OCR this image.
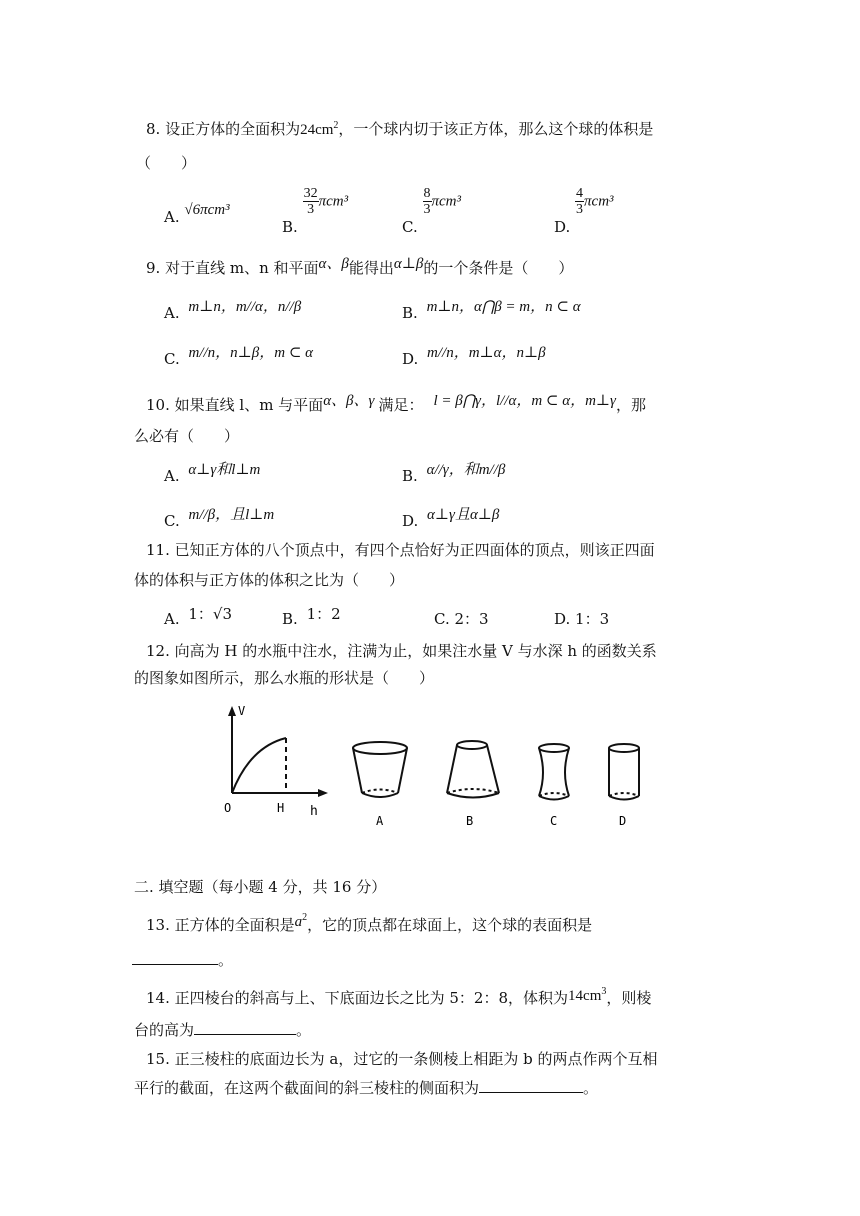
8. 设正方体的全面积为$24cm^2$，一个球内切于该正方体，那么这个球的体积是
（　　）
A. √6πcm³
B.
$\frac{32}{3} \pi cm^3$
C.
$\frac{8}{3} \pi cm^3$
D.
$\frac{4}{3} \pi cm^3$
9. 对于直线 m、n 和平面α、β能得出α⊥β的一个条件是（　　）
A. m⊥n，m//α，n//β	B. m⊥n，α⋂β = m，n ⊂ α
C. m//n，n⊥β，m ⊂ α	D. m//n，m⊥α，n⊥β
10. 如果直线 l、m 与平面α、β、γ 满足： l = β⋂γ，l//α，m ⊂ α，m⊥γ，那
么必有（　　）
A. α⊥γ和l⊥m	B. α//γ，和m//β
C. m//β，且l⊥m	D. α⊥γ且α⊥β
11. 已知正方体的八个顶点中，有四个点恰好为正四面体的顶点，则该正四面
体的体积与正方体的体积之比为（　　）
A. 1：√3	B. 1：2	C. 2：3	D. 1：3
12. 向高为 H 的水瓶中注水，注满为止，如果注水量 V 与水深 h 的函数关系
的图象如图所示，那么水瓶的形状是（　　）
V
h
O	H
A	B	C	D
二. 填空题（每小题 4 分，共 16 分）
13. 正方体的全面积是$a^2$，它的顶点都在球面上，这个球的表面积是
。
14. 正四棱台的斜高与上、下底面边长之比为 5：2：8，体积为$14cm^3$，则棱
台的高为	。
15. 正三棱柱的底面边长为 a，过它的一条侧棱上相距为 b 的两点作两个互相
平行的截面，在这两个截面间的斜三棱柱的侧面积为	。
